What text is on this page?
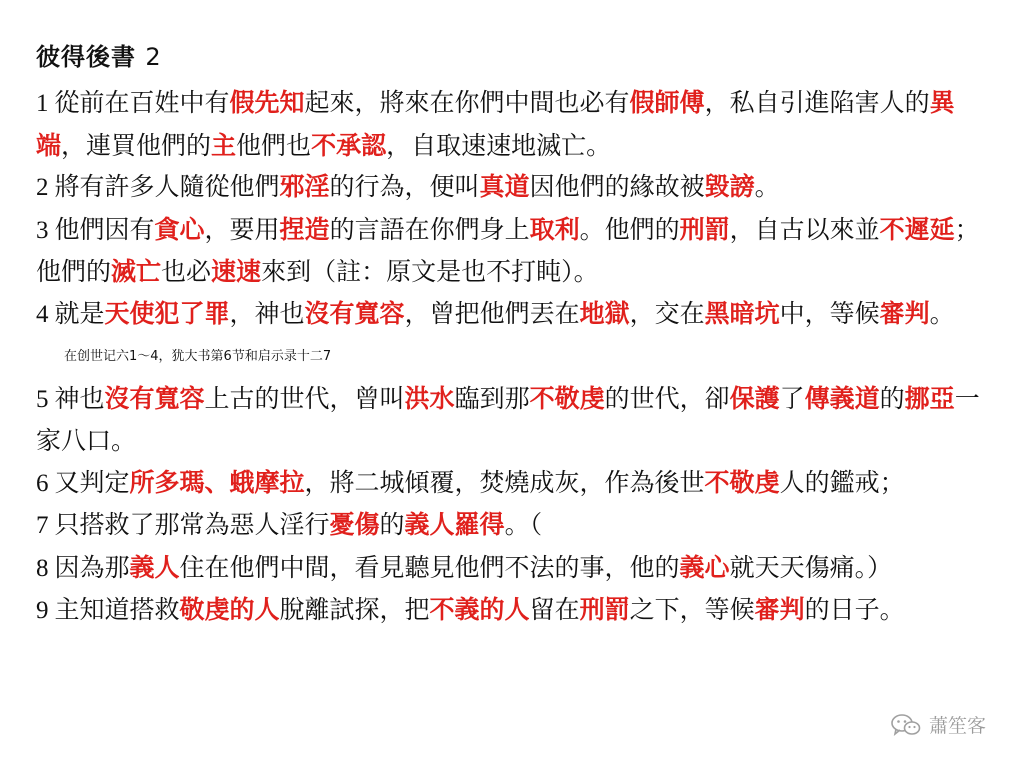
彼得後書 2

1 從前在百姓中有假先知起來，將來在你們中間也必有假師傅，私自引進陷害人的異端，連買他們的主他們也不承認，自取速速地滅亡。

2 將有許多人隨從他們邪淫的行為，便叫真道因他們的緣故被毀謗。

3 他們因有貪心，要用捏造的言語在你們身上取利。他們的刑罰，自古以來並不遲延；他們的滅亡也必速速來到（註：原文是也不打盹）。

4 就是天使犯了罪，神也沒有寬容，曾把他們丟在地獄，交在黑暗坑中，等候審判。在创世记六1～4，犹大书第6节和启示录十二7

5 神也沒有寬容上古的世代，曾叫洪水臨到那不敬虔的世代，卻保護了傳義道的挪亞一家八口。

6 又判定所多瑪、蛾摩拉，將二城傾覆，焚燒成灰，作為後世不敬虔人的鑑戒；

7 只搭救了那常為惡人淫行憂傷的義人羅得。（

8 因為那義人住在他們中間，看見聽見他們不法的事，他的義心就天天傷痛。）

9 主知道搭救敬虔的人脫離試探，把不義的人留在刑罰之下，等候審判的日子。

蕭笙客
